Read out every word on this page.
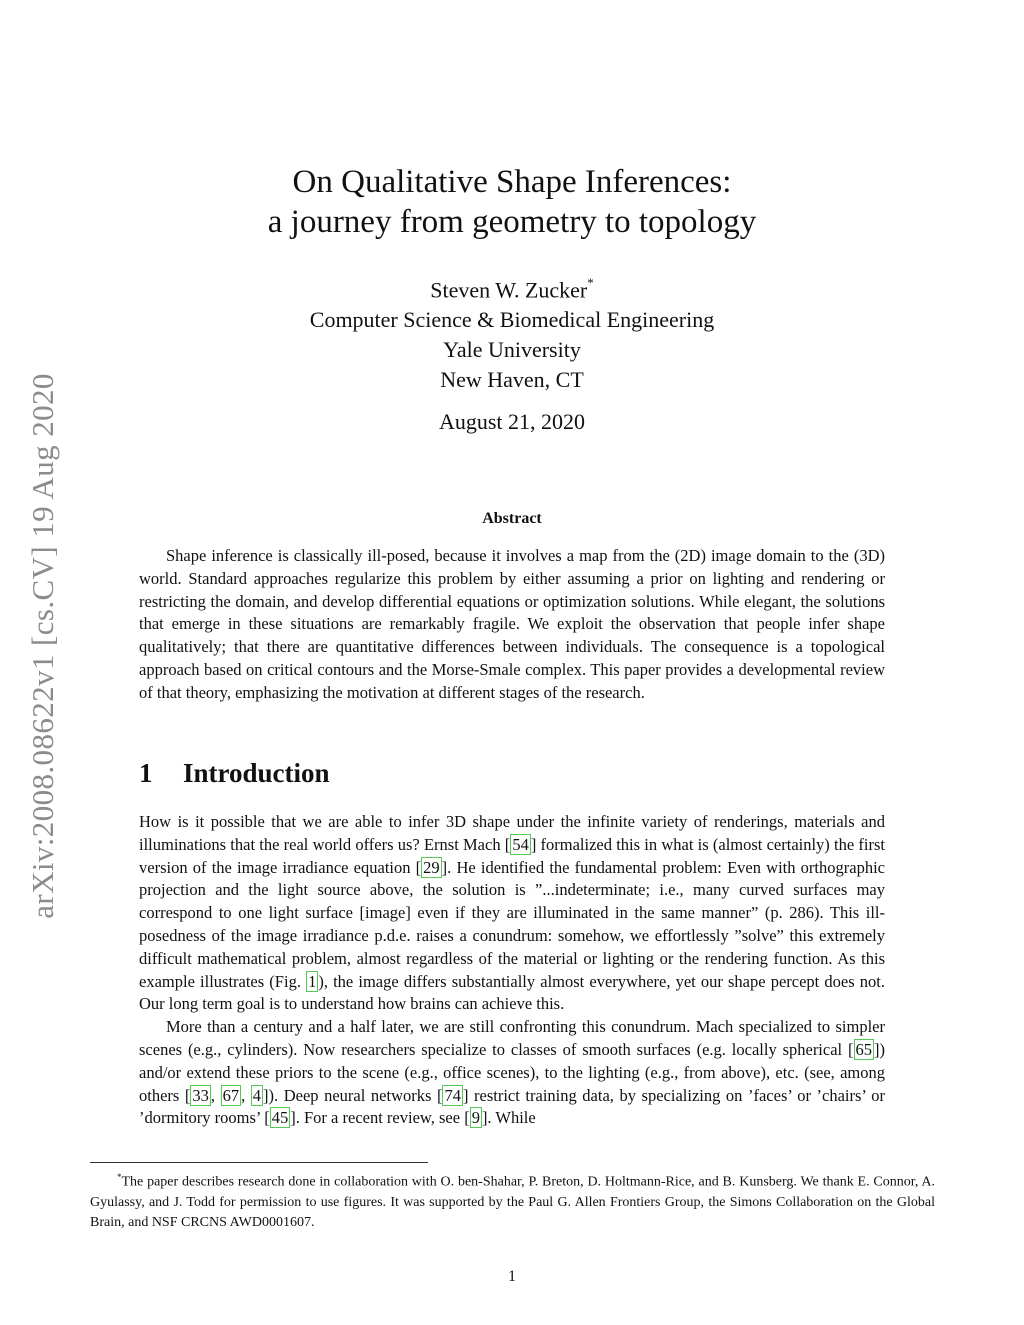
arXiv:2008.08622v1 [cs.CV] 19 Aug 2020
On Qualitative Shape Inferences:
a journey from geometry to topology
Steven W. Zucker*
Computer Science & Biomedical Engineering
Yale University
New Haven, CT
August 21, 2020
Abstract

Shape inference is classically ill-posed, because it involves a map from the (2D) image domain to the (3D) world. Standard approaches regularize this problem by either assuming a prior on lighting and rendering or restricting the domain, and develop differential equations or optimization solutions. While elegant, the solutions that emerge in these situations are remarkably fragile. We exploit the observation that people infer shape qualitatively; that there are quantitative differences between individuals. The consequence is a topological approach based on critical contours and the Morse-Smale complex. This paper provides a developmental review of that theory, emphasizing the motivation at different stages of the research.

1 Introduction

How is it possible that we are able to infer 3D shape under the infinite variety of renderings, materials and illuminations that the real world offers us? Ernst Mach [ 54 ] formalized this in what is (almost certainly) the first version of the image irradiance equation [ 29 ]. He identified the fundamental problem: Even with orthographic projection and the light source above, the solution is ”...indeterminate; i.e., many curved surfaces may correspond to one light surface [image] even if they are illuminated in the same manner” (p. 286). This ill-posedness of the image irradiance p.d.e. raises a conundrum: somehow, we effortlessly ”solve” this extremely difficult mathematical problem, almost regardless of the material or lighting or the rendering function. As this example illustrates (Fig. 1 ), the image differs substantially almost everywhere, yet our shape percept does not. Our long term goal is to understand how brains can achieve this.

More than a century and a half later, we are still confronting this conundrum. Mach specialized to simpler scenes (e.g., cylinders). Now researchers specialize to classes of smooth surfaces (e.g. locally spherical [ 65 ]) and/or extend these priors to the scene (e.g., office scenes), to the lighting (e.g., from above), etc. (see, among others [ 33 , 67 , 4 ]). Deep neural networks [ 74 ] restrict training data, by specializing on ’faces’ or ’chairs’ or ’dormitory rooms’ [ 45 ]. For a recent review, see [ 9 ]. While

*The paper describes research done in collaboration with O. ben-Shahar, P. Breton, D. Holtmann-Rice, and B. Kunsberg. We thank E. Connor, A. Gyulassy, and J. Todd for permission to use figures. It was supported by the Paul G. Allen Frontiers Group, the Simons Collaboration on the Global Brain, and NSF CRCNS AWD0001607.

1
